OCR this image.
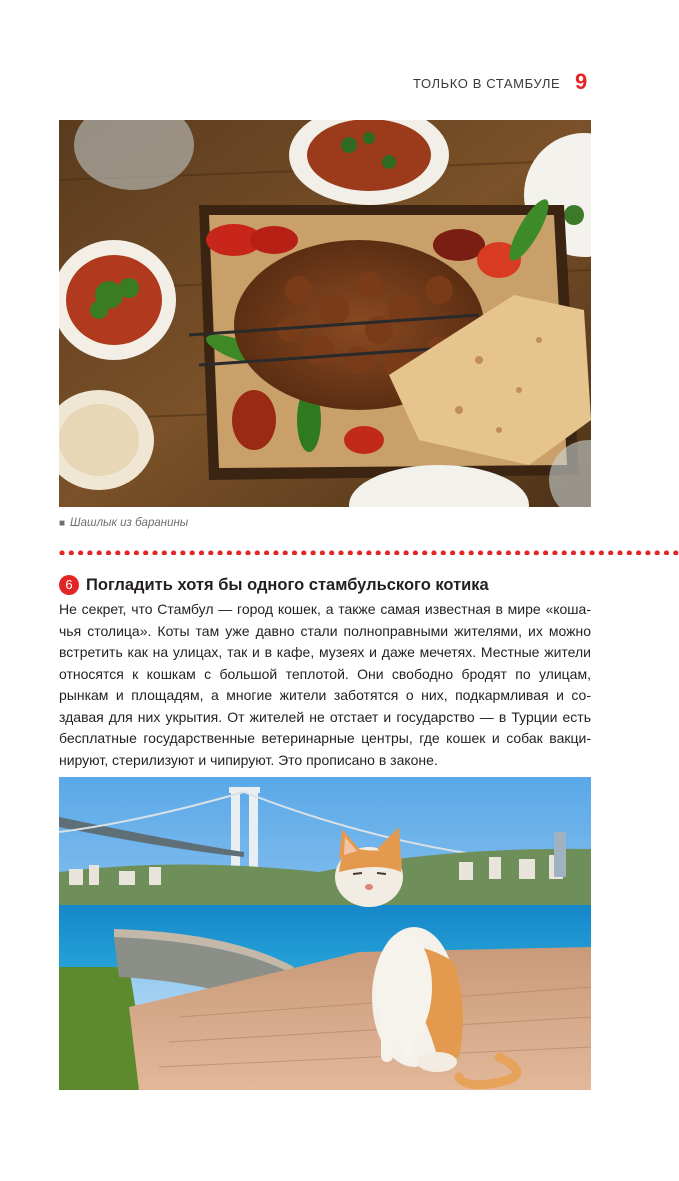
ТОЛЬКО В СТАМБУЛЕ 9
■ Шашлык из баранины
6 Погладить хотя бы одного стамбульского котика

Не секрет, что Стамбул — город кошек, а также самая известная в мире «коша-чья столица». Коты там уже давно стали полноправными жителями, их можно встретить как на улицах, так и в кафе, музеях и даже мечетях. Местные жители относятся к кошкам с большой теплотой. Они свободно бродят по улицам, рынкам и площадям, а многие жители заботятся о них, подкармливая и со-здавая для них укрытия. От жителей не отстает и государство — в Турции есть бесплатные государственные ветеринарные центры, где кошек и собак вакци-нируют, стерилизуют и чипируют. Это прописано в законе.
